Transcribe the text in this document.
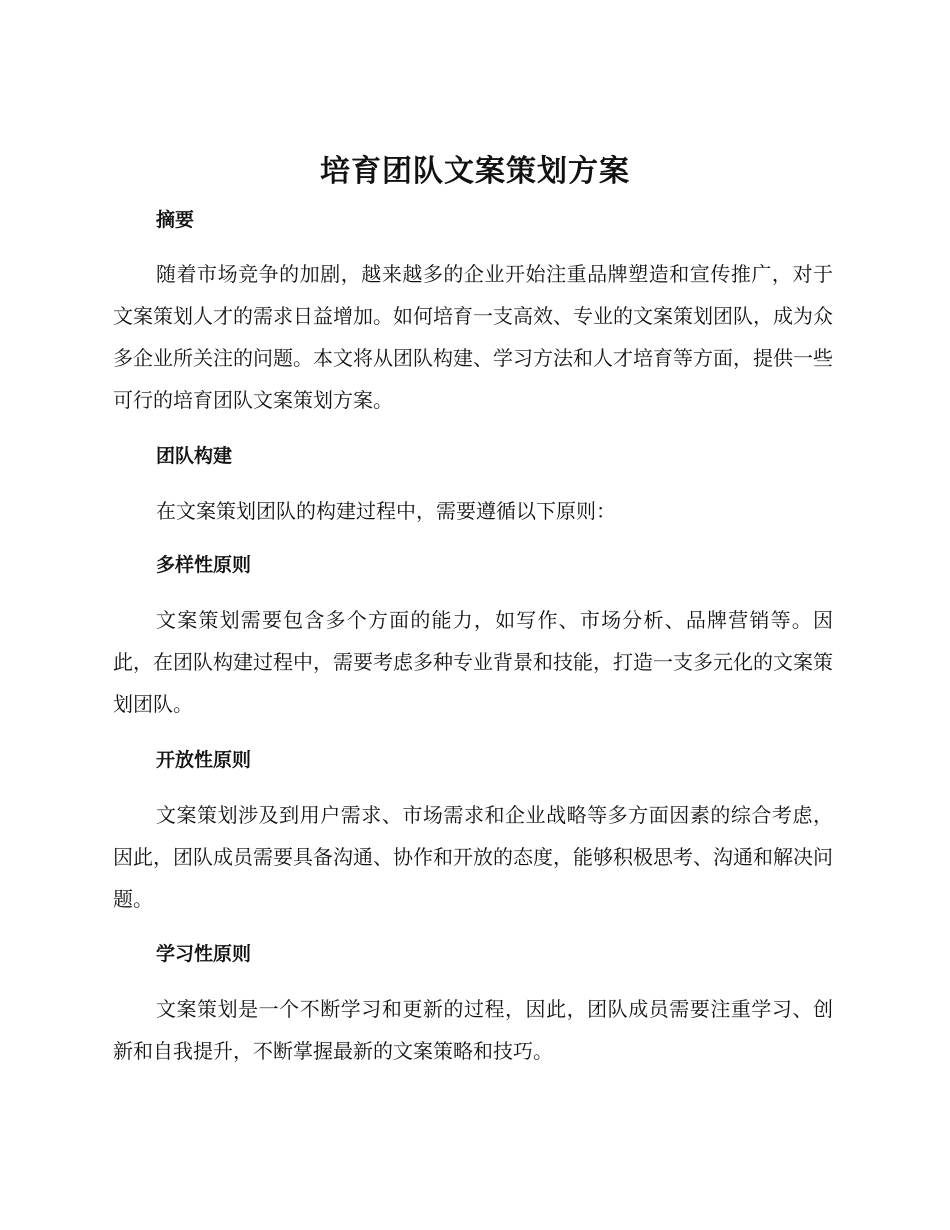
培育团队文案策划方案
摘要

随着市场竞争的加剧，越来越多的企业开始注重品牌塑造和宣传推广，对于文案策划人才的需求日益增加。如何培育一支高效、专业的文案策划团队，成为众多企业所关注的问题。本文将从团队构建、学习方法和人才培育等方面，提供一些可行的培育团队文案策划方案。

团队构建

在文案策划团队的构建过程中，需要遵循以下原则：

多样性原则

文案策划需要包含多个方面的能力，如写作、市场分析、品牌营销等。因此，在团队构建过程中，需要考虑多种专业背景和技能，打造一支多元化的文案策划团队。

开放性原则

文案策划涉及到用户需求、市场需求和企业战略等多方面因素的综合考虑，因此，团队成员需要具备沟通、协作和开放的态度，能够积极思考、沟通和解决问题。

学习性原则

文案策划是一个不断学习和更新的过程，因此，团队成员需要注重学习、创新和自我提升，不断掌握最新的文案策略和技巧。
